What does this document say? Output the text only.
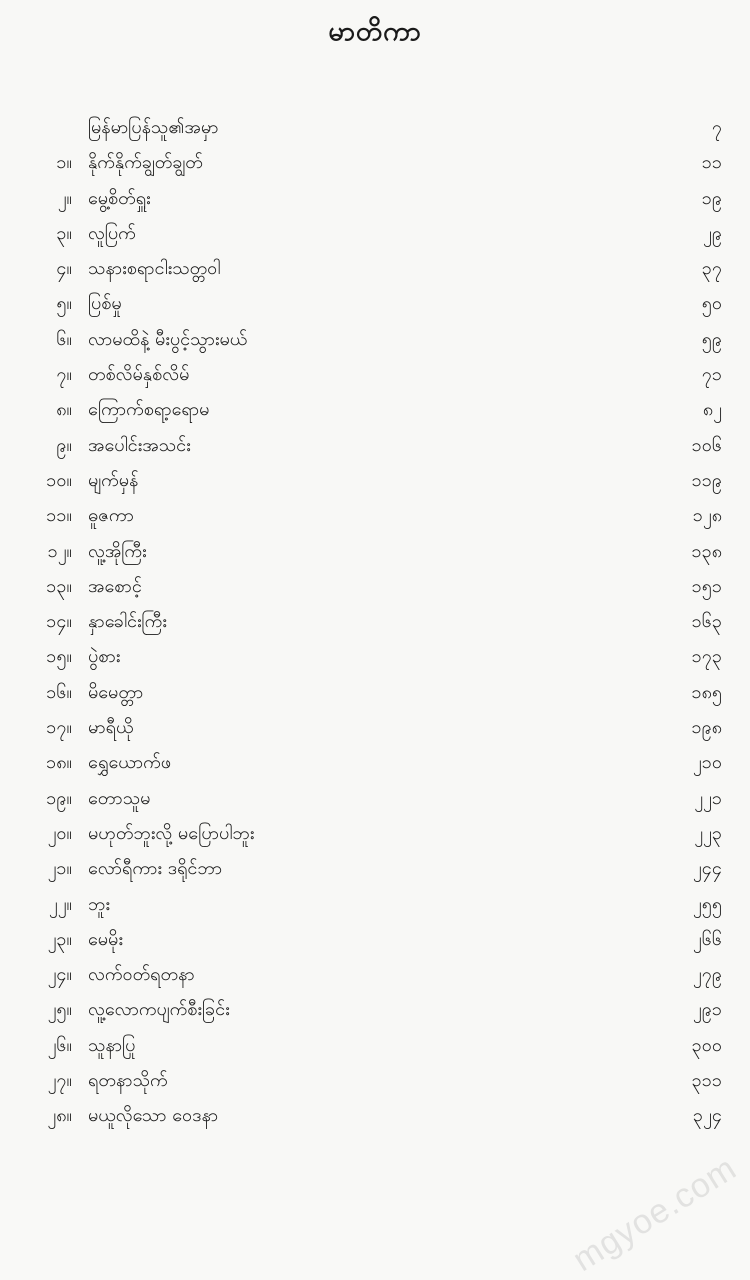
မာတိကာ
မြန်မာပြန်သူ၏အမှာ	၇
၁။ နိုက်နိုက်ချွတ်ချွတ်	၁၁
၂။ မွေ့စိတ်ရှူး	၁၉
၃။ လူပြက်	၂၉
၄။ သနားစရာငါးသတ္တဝါ	၃၇
၅။ ပြစ်မှု	၅၀
၆။ လာမထိနဲ့ မီးပွင့်သွားမယ်	၅၉
၇။ တစ်လိမ်နှစ်လိမ်	၇၁
၈။ ကြောက်စရာ့ရောမ	၈၂
၉။ အပေါင်းအသင်း	၁၀၆
၁၀။ မျက်မှန်	၁၁၉
၁၁။ ဓူဇကာ	၁၂၈
၁၂။ လူ့အိုကြီး	၁၃၈
၁၃။ အစောင့်	၁၅၁
၁၄။ နှာခေါင်းကြီး	၁၆၃
၁၅။ ပွဲစား	၁၇၃
၁၆။ မိမေတ္တာ	၁၈၅
၁၇။ မာရီယို	၁၉၈
၁၈။ ရွှေယောက်ဖ	၂၁၀
၁၉။ တောသူမ	၂၂၁
၂၀။ မဟုတ်ဘူးလို့ မပြောပါဘူး	၂၂၃
၂၁။ လော်ရီကား ဒရိုင်ဘာ	၂၄၄
၂၂။ ဘူး	၂၅၅
၂၃။ မေမိုး	၂၆၆
၂၄။ လက်ဝတ်ရတနာ	၂၇၉
၂၅။ လူ့လောကပျက်စီးခြင်း	၂၉၁
၂၆။ သူနာပြု	၃၀၀
၂၇။ ရတနာသိုက်	၃၁၁
၂၈။ မယူလိုသော ဝေဒနာ	၃၂၄
mgyoe.com
